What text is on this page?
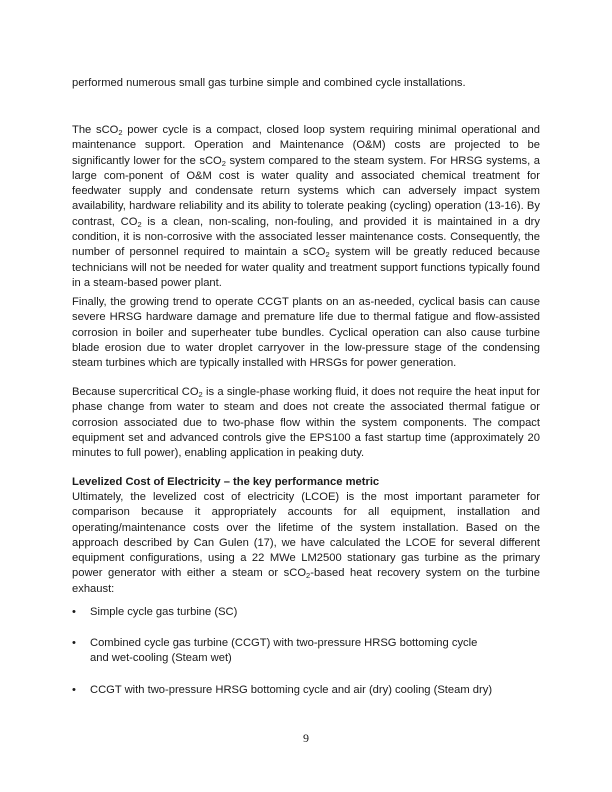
performed numerous small gas turbine simple and combined cycle installations.

The sCO$_2$ power cycle is a compact, closed loop system requiring minimal operational and maintenance support. Operation and Maintenance (O&M) costs are projected to be significantly lower for the sCO$_2$ system compared to the steam system. For HRSG systems, a large com-ponent of O&M cost is water quality and associated chemical treatment for feedwater supply and condensate return systems which can adversely impact system availability, hardware reliability and its ability to tolerate peaking (cycling) operation (13-16). By contrast, $CO_2$ is a clean, non-scaling, non-fouling, and provided it is maintained in a dry condition, it is non-corrosive with the associated lesser maintenance costs. Consequently, the number of personnel required to maintain a sCO$_2$ system will be greatly reduced because technicians will not be needed for water quality and treatment support functions typically found in a steam-based power plant.

Finally, the growing trend to operate CCGT plants on an as-needed, cyclical basis can cause severe HRSG hardware damage and premature life due to thermal fatigue and flow-assisted corrosion in boiler and superheater tube bundles. Cyclical operation can also cause turbine blade erosion due to water droplet carryover in the low-pressure stage of the condensing steam turbines which are typically installed with HRSGs for power generation.

Because supercritical $CO_2$ is a single-phase working fluid, it does not require the heat input for phase change from water to steam and does not create the associated thermal fatigue or corrosion associated due to two-phase flow within the system components. The compact equipment set and advanced controls give the EPS100 a fast startup time (approximately 20 minutes to full power), enabling application in peaking duty.

Levelized Cost of Electricity – the key performance metric

Ultimately, the levelized cost of electricity (LCOE) is the most important parameter for comparison because it appropriately accounts for all equipment, installation and operating/maintenance costs over the lifetime of the system installation. Based on the approach described by Can Gulen (17), we have calculated the LCOE for several different equipment configurations, using a 22 MWe LM2500 stationary gas turbine as the primary power generator with either a steam or sCO$_2$-based heat recovery system on the turbine exhaust:

•	Simple cycle gas turbine (SC)
•	Combined cycle gas turbine (CCGT) with two-pressure HRSG bottoming cycle and wet-cooling (Steam wet)
•	CCGT with two-pressure HRSG bottoming cycle and air (dry) cooling (Steam dry)
9
